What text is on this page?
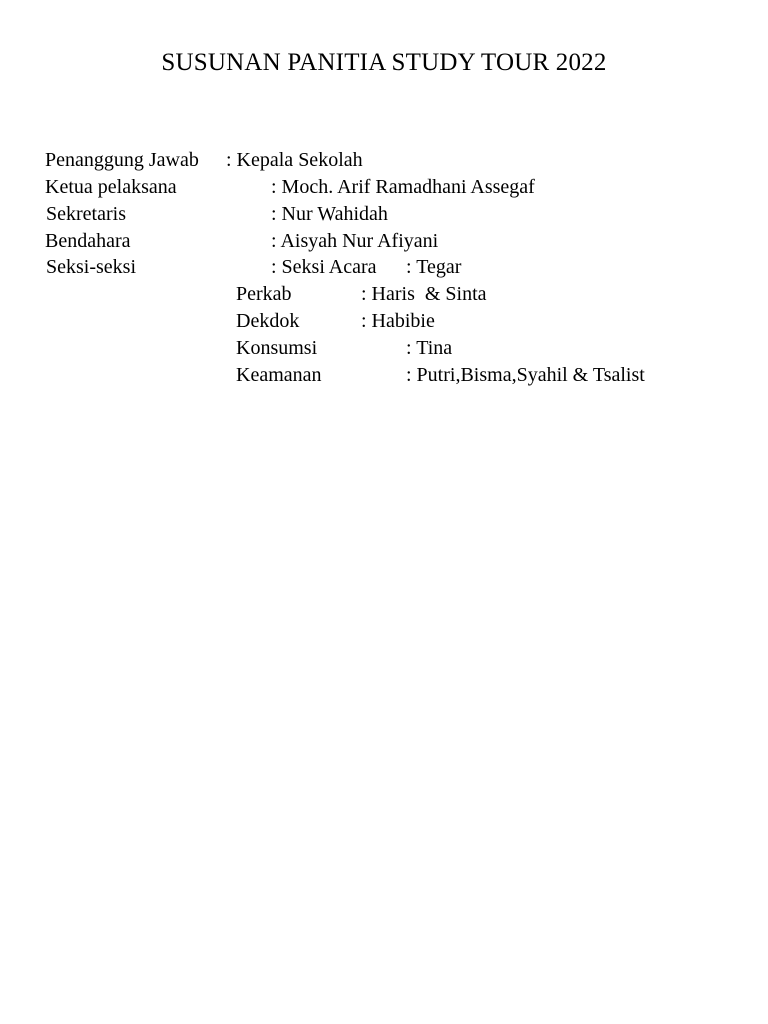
SUSUNAN PANITIA STUDY TOUR 2022
Penanggung Jawab : Kepala Sekolah
Ketua pelaksana	: Moch. Arif Ramadhani Assegaf
Sekretaris	: Nur Wahidah
Bendahara	: Aisyah Nur Afiyani
Seksi-seksi	: Seksi Acara : Tegar
Perkab	: Haris  & Sinta
Dekdok	: Habibie
Konsumsi	: Tina
Keamanan	: Putri,Bisma,Syahil & Tsalist
